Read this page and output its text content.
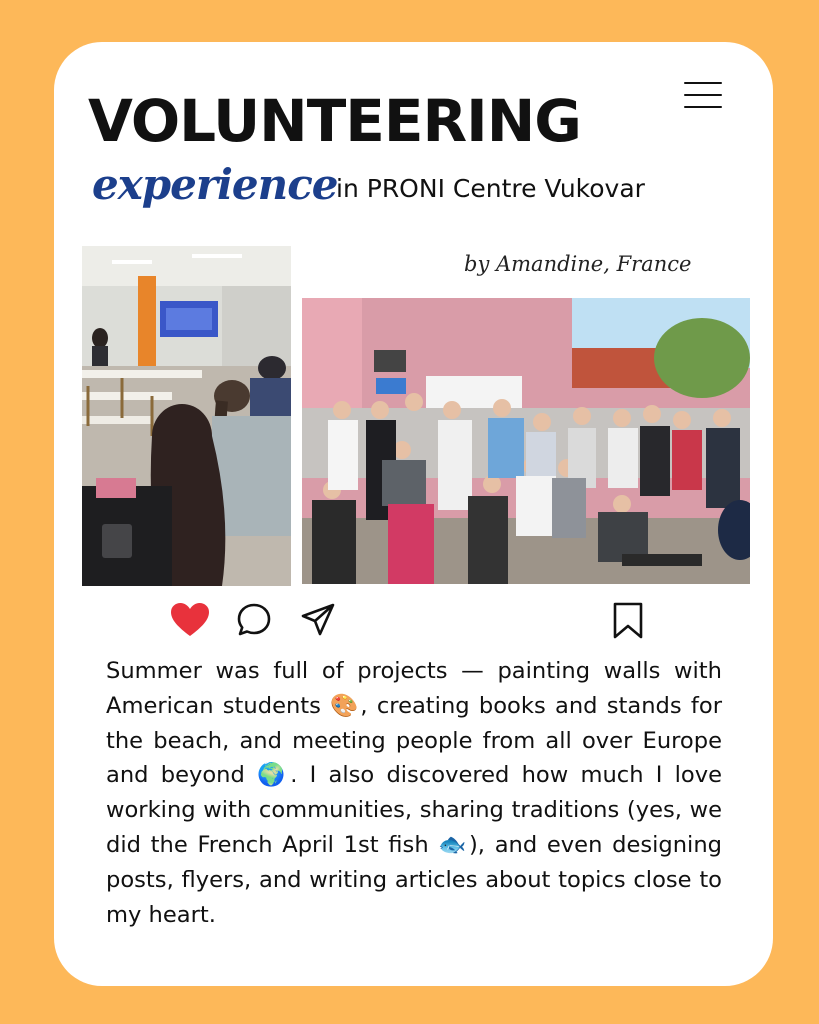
VOLUNTEERING
experience
in PRONI Centre Vukovar
by Amandine, France

Summer was full of projects — painting walls with American students 🎨, creating books and stands for the beach, and meeting people from all over Europe and beyond 🌍. I also discovered how much I love working with communities, sharing traditions (yes, we did the French April 1st fish 🐟), and even designing posts, flyers, and writing articles about topics close to my heart.
